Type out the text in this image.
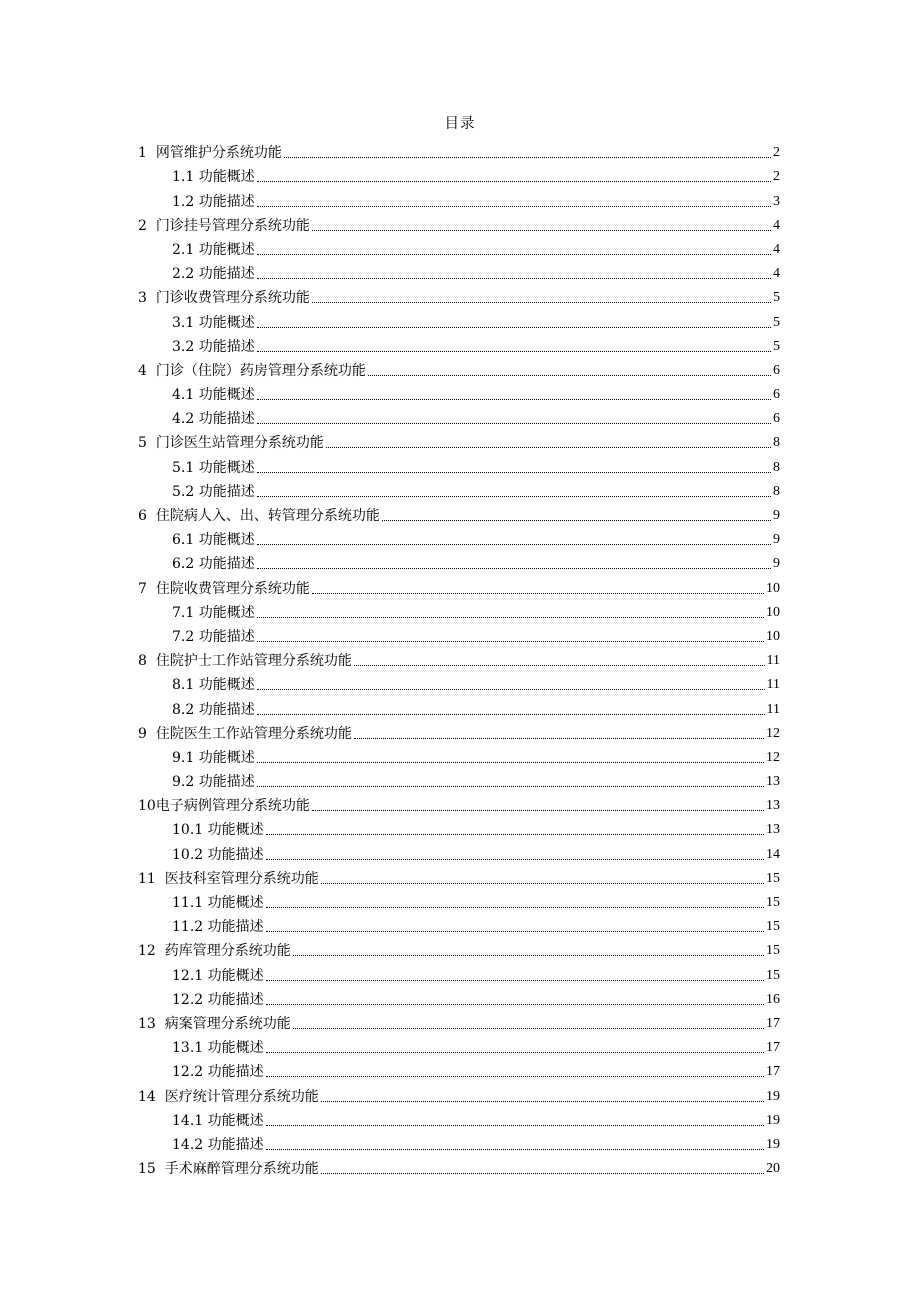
目录
1 网管维护分系统功能	2
1.1 功能概述	2
1.2 功能描述	3
2 门诊挂号管理分系统功能	4
2.1 功能概述	4
2.2 功能描述	4
3 门诊收费管理分系统功能	5
3.1 功能概述	5
3.2 功能描述	5
4 门诊（住院）药房管理分系统功能	6
4.1 功能概述	6
4.2 功能描述	6
5 门诊医生站管理分系统功能	8
5.1 功能概述	8
5.2 功能描述	8
6 住院病人入、出、转管理分系统功能	9
6.1 功能概述	9
6.2 功能描述	9
7 住院收费管理分系统功能	10
7.1 功能概述	10
7.2 功能描述	10
8 住院护士工作站管理分系统功能	11
8.1 功能概述	11
8.2 功能描述	11
9 住院医生工作站管理分系统功能	12
9.1 功能概述	12
9.2 功能描述	13
10电子病例管理分系统功能	13
10.1 功能概述	13
10.2 功能描述	14
11 医技科室管理分系统功能	15
11.1 功能概述	15
11.2 功能描述	15
12 药库管理分系统功能	15
12.1 功能概述	15
12.2 功能描述	16
13 病案管理分系统功能	17
13.1 功能概述	17
12.2 功能描述	17
14 医疗统计管理分系统功能	19
14.1 功能概述	19
14.2 功能描述	19
15 手术麻醉管理分系统功能	20
